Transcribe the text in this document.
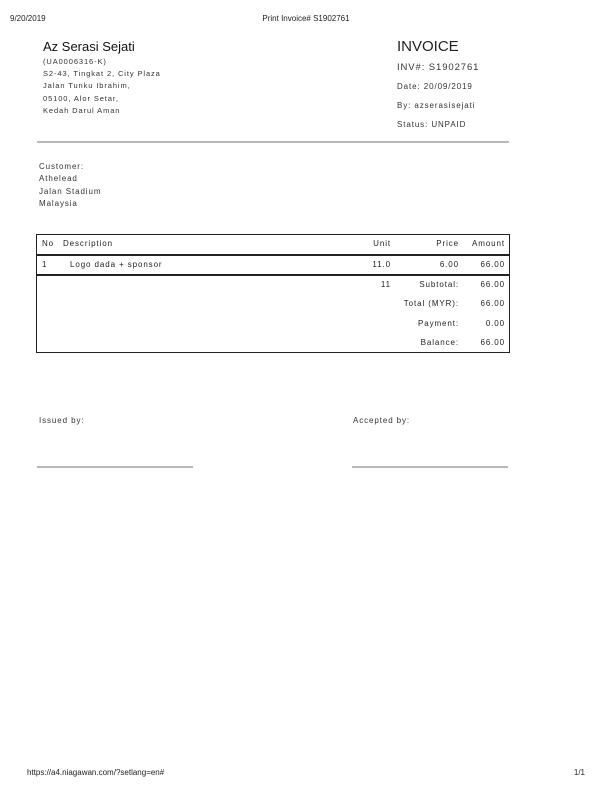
9/20/2019	Print Invoice# S1902761
Az Serasi Sejati
(UA0006316-K)
S2-43, Tingkat 2, City Plaza
Jalan Tunku Ibrahim,
05100, Alor Setar,
Kedah Darul Aman
INVOICE
INV#: S1902761
Date: 20/09/2019
By: azserasisejati
Status: UNPAID
Customer:
Athelead
Jalan Stadium
Malaysia
No Description	Unit	Price	Amount
1	Logo dada + sponsor	11.0	6.00	66.00
11	Subtotal:	66.00
Total (MYR):	66.00
Payment:	0.00
Balance:	66.00
Issued by:	Accepted by:
https://a4.niagawan.com/?setlang=en#	1/1
